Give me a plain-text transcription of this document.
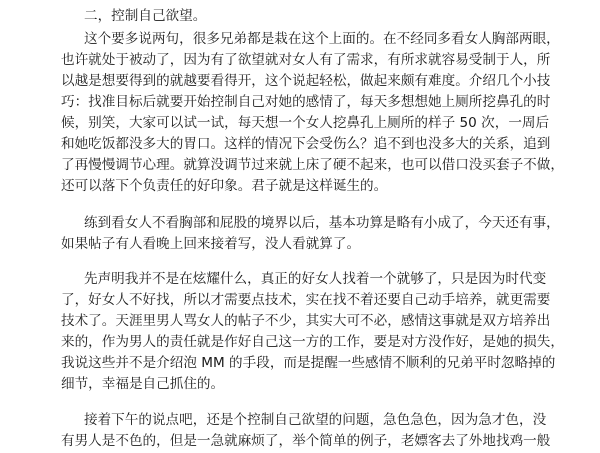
二，控制自己欲望。
这个要多说两句，很多兄弟都是栽在这个上面的。在不经同多看女人胸部两眼，
也许就处于被动了，因为有了欲望就对女人有了需求，有所求就容易受制于人，所
以越是想要得到的就越要看得开，这个说起轻松，做起来颇有难度。介绍几个小技
巧：找准目标后就要开始控制自己对她的感情了，每天多想想她上厕所挖鼻孔的时
候，别笑，大家可以试一试，每天想一个女人挖鼻孔上厕所的样子 50 次，一周后
和她吃饭都没多大的胃口。这样的情况下会受伤么？追不到也没多大的关系，追到
了再慢慢调节心理。就算没调节过来就上床了硬不起来，也可以借口没买套子不做，
还可以落下个负责任的好印象。君子就是这样诞生的。
练到看女人不看胸部和屁股的境界以后，基本功算是略有小成了，今天还有事，
如果帖子有人看晚上回来接着写，没人看就算了。
先声明我并不是在炫耀什么，真正的好女人找着一个就够了，只是因为时代变
了，好女人不好找，所以才需要点技术，实在找不着还要自己动手培养，就更需要
技术了。天涯里男人骂女人的帖子不少，其实大可不必，感情这事就是双方培养出
来的，作为男人的责任就是作好自己这一方的工作，要是对方没作好，是她的损失，
我说这些并不是介绍泡 MM 的手段，而是提醒一些感情不顺利的兄弟平时忽略掉的
细节，幸福是自己抓住的。
接着下午的说点吧，还是个控制自己欲望的问题，急色急色，因为急才色，没
有男人是不色的，但是一急就麻烦了，举个简单的例子，老嫖客去了外地找鸡一般
